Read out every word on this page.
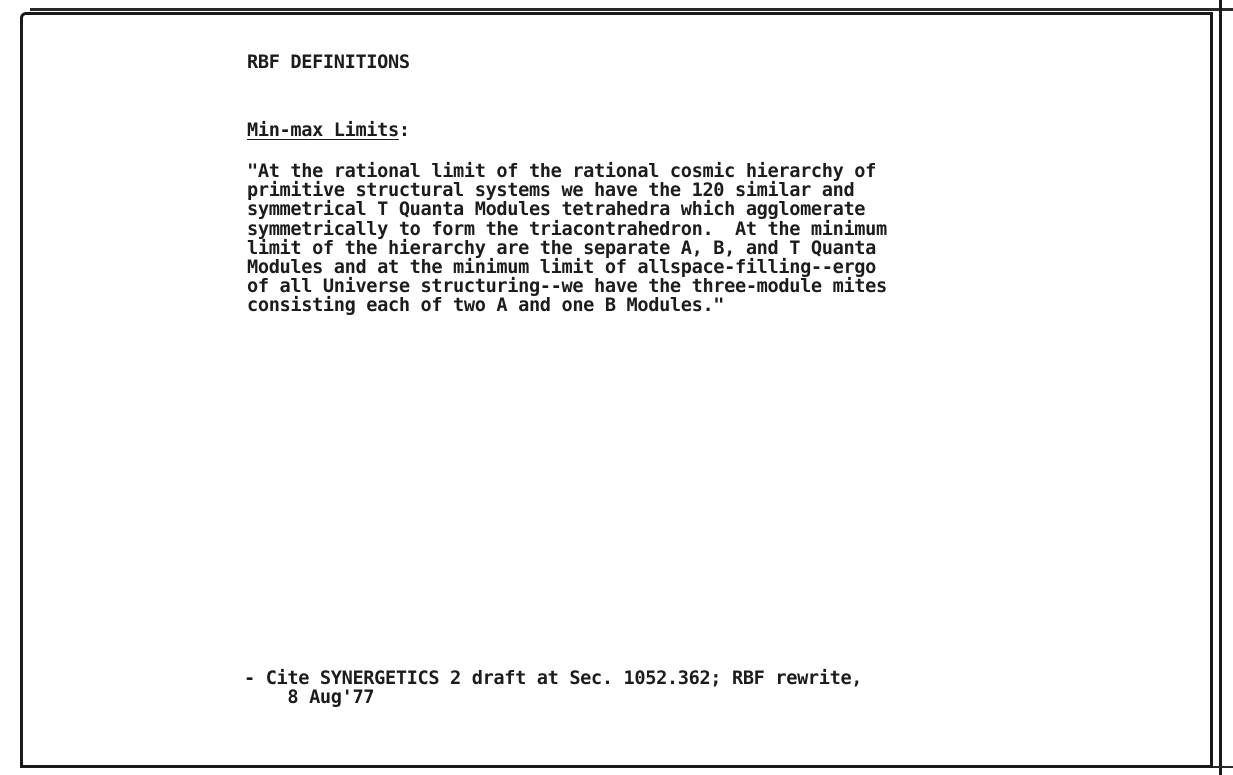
RBF DEFINITIONS

Min-max Limits:

"At the rational limit of the rational cosmic hierarchy of
primitive structural systems we have the 120 similar and
symmetrical T Quanta Modules tetrahedra which agglomerate
symmetrically to form the triacontrahedron.  At the minimum
limit of the hierarchy are the separate A, B, and T Quanta
Modules and at the minimum limit of allspace-filling--ergo
of all Universe structuring--we have the three-module mites
consisting each of two A and one B Modules."

- Cite SYNERGETICS 2 draft at Sec. 1052.362; RBF rewrite,
8 Aug'77
